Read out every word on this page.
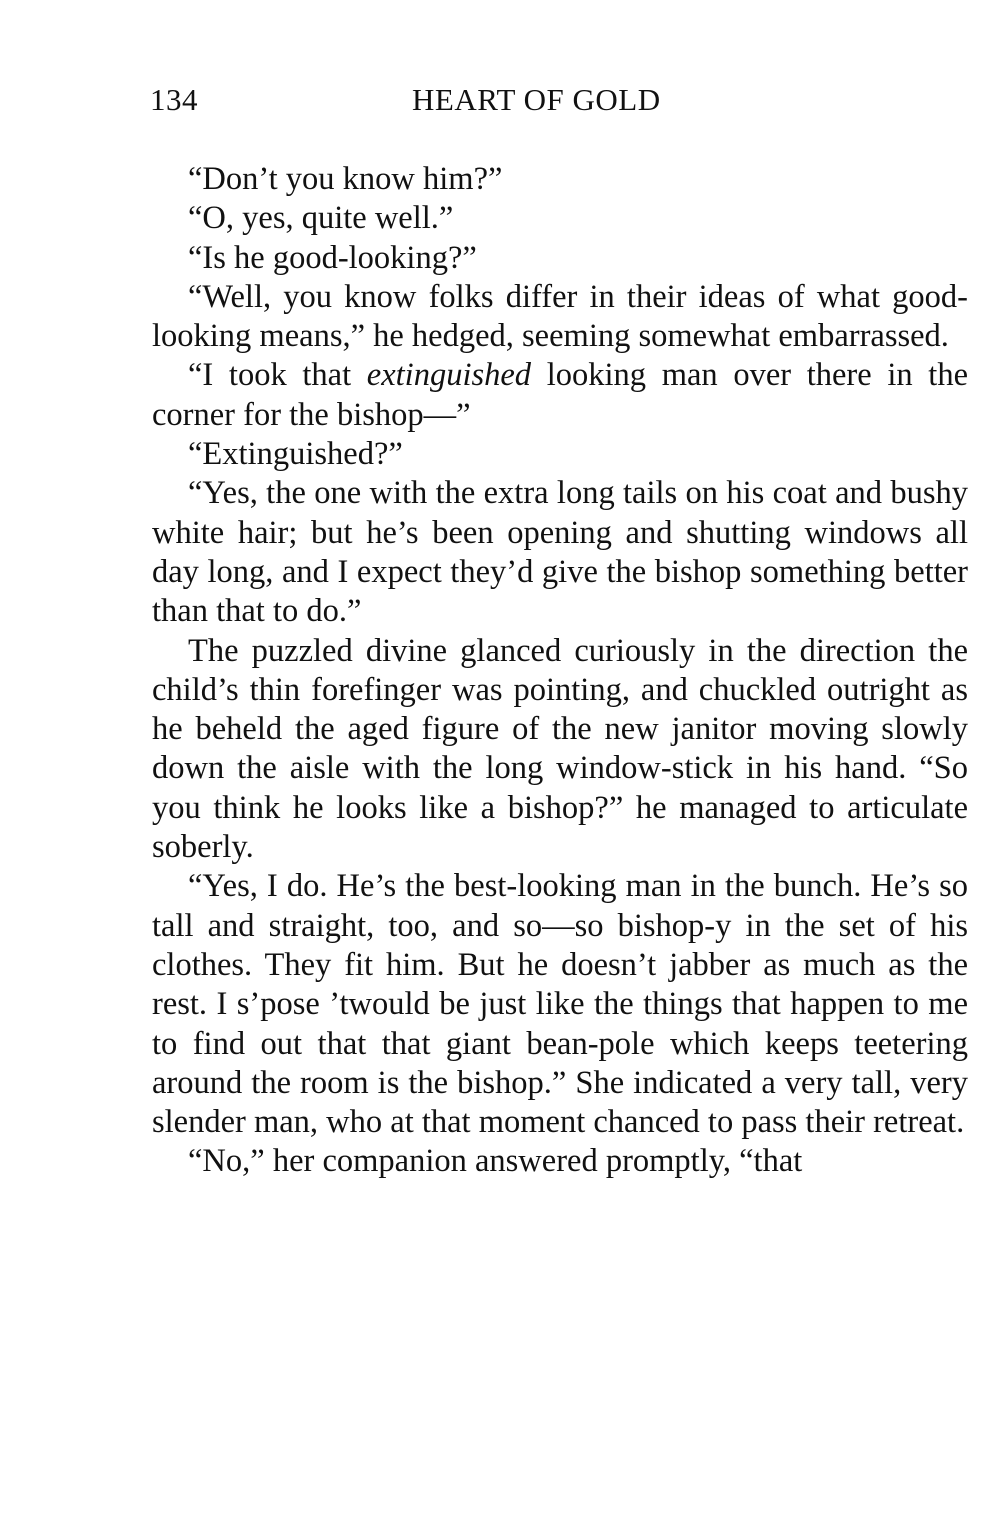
134	HEART OF GOLD

“Don’t you know him?”

“O, yes, quite well.”

“Is he good-looking?”

“Well, you know folks differ in their ideas of what good-looking means,” he hedged, seeming somewhat embarrassed.

“I took that extinguished looking man over there in the corner for the bishop—”

“Extinguished?”

“Yes, the one with the extra long tails on his coat and bushy white hair; but he’s been opening and shutting windows all day long, and I expect they’d give the bishop something better than that to do.”

The puzzled divine glanced curiously in the direction the child’s thin forefinger was pointing, and chuckled outright as he beheld the aged figure of the new janitor moving slowly down the aisle with the long window-stick in his hand. “So you think he looks like a bishop?” he managed to articulate soberly.

“Yes, I do. He’s the best-looking man in the bunch. He’s so tall and straight, too, and so—so bishop-y in the set of his clothes. They fit him. But he doesn’t jabber as much as the rest. I s’pose ’twould be just like the things that happen to me to find out that that giant bean-pole which keeps teetering around the room is the bishop.” She indicated a very tall, very slender man, who at that moment chanced to pass their retreat.

“No,” her companion answered promptly, “that
